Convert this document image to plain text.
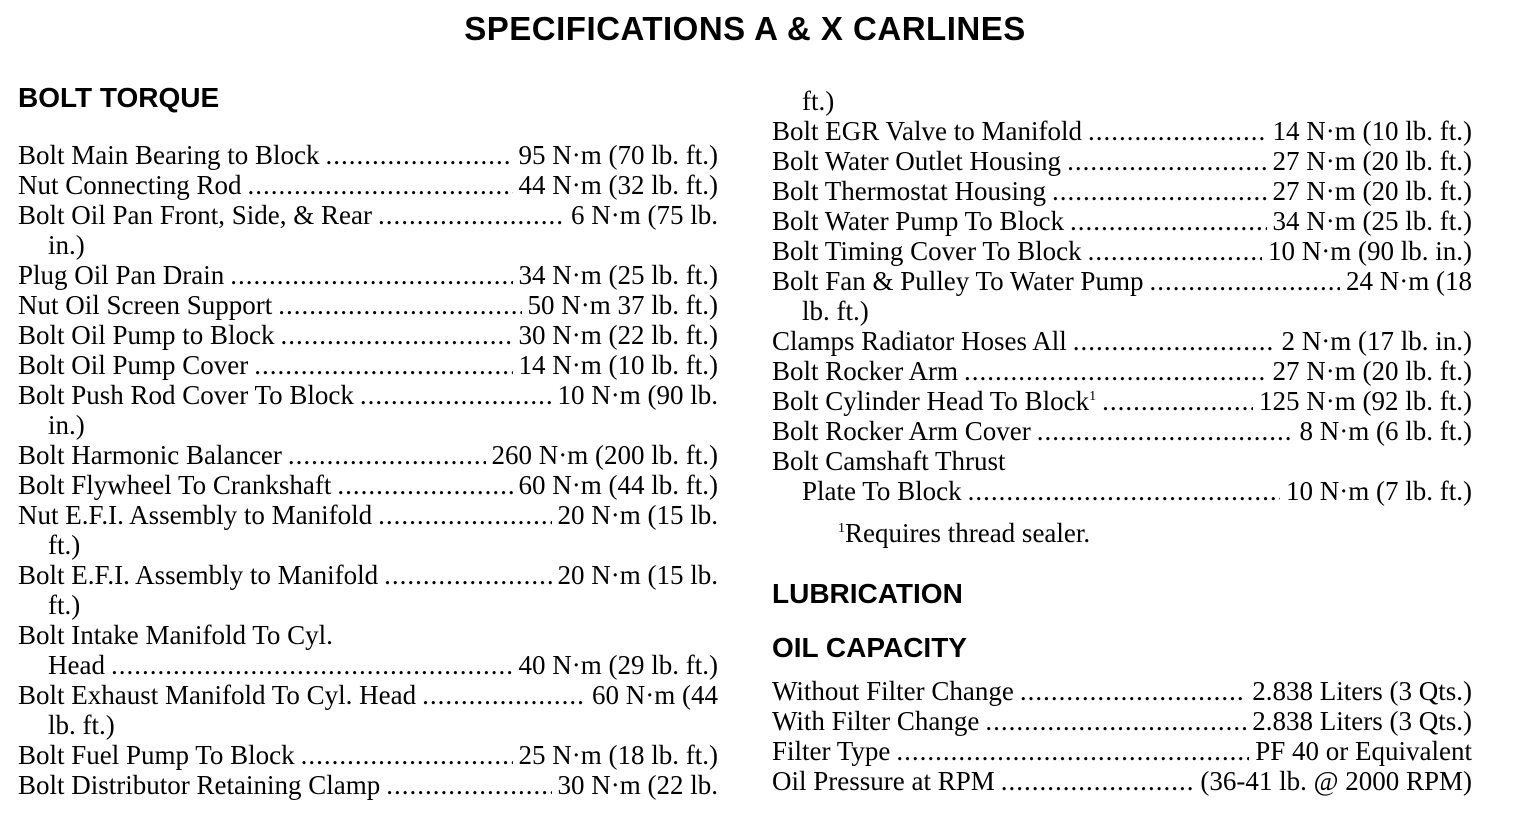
SPECIFICATIONS A & X CARLINES
BOLT TORQUE
Bolt Main Bearing to Block .....	95 N·m (70 lb. ft.)
Nut Connecting Rod .....	44 N·m (32 lb. ft.)
Bolt Oil Pan Front, Side, & Rear .....	6 N·m (75 lb.
in.)
Plug Oil Pan Drain .....	34 N·m (25 lb. ft.)
Nut Oil Screen Support .....	50 N·m 37 lb. ft.)
Bolt Oil Pump to Block .....	30 N·m (22 lb. ft.)
Bolt Oil Pump Cover .....	14 N·m (10 lb. ft.)
Bolt Push Rod Cover To Block .....	10 N·m (90 lb.
in.)
Bolt Harmonic Balancer .....	260 N·m (200 lb. ft.)
Bolt Flywheel To Crankshaft .....	60 N·m (44 lb. ft.)
Nut E.F.I. Assembly to Manifold .....	20 N·m (15 lb.
ft.)
Bolt E.F.I. Assembly to Manifold .....	20 N·m (15 lb.
ft.)
Bolt Intake Manifold To Cyl.
Head .....	40 N·m (29 lb. ft.)
Bolt Exhaust Manifold To Cyl. Head .....	60 N·m (44
lb. ft.)
Bolt Fuel Pump To Block .....	25 N·m (18 lb. ft.)
Bolt Distributor Retaining Clamp .....	30 N·m (22 lb.
ft.)
Bolt EGR Valve to Manifold .....	14 N·m (10 lb. ft.)
Bolt Water Outlet Housing .....	27 N·m (20 lb. ft.)
Bolt Thermostat Housing .....	27 N·m (20 lb. ft.)
Bolt Water Pump To Block .....	34 N·m (25 lb. ft.)
Bolt Timing Cover To Block .....	10 N·m (90 lb. in.)
Bolt Fan & Pulley To Water Pump .....	24 N·m (18
lb. ft.)
Clamps Radiator Hoses All .....	2 N·m (17 lb. in.)
Bolt Rocker Arm .....	27 N·m (20 lb. ft.)
Bolt Cylinder Head To Block$^1$ .....	125 N·m (92 lb. ft.)
Bolt Rocker Arm Cover .....	8 N·m (6 lb. ft.)
Bolt Camshaft Thrust
Plate To Block .....	10 N·m (7 lb. ft.)
$^1$Requires thread sealer.
LUBRICATION
OIL CAPACITY
Without Filter Change .....	2.838 Liters (3 Qts.)
With Filter Change .....	2.838 Liters (3 Qts.)
Filter Type .....	PF 40 or Equivalent
Oil Pressure at RPM .....	(36-41 lb. @ 2000 RPM)
